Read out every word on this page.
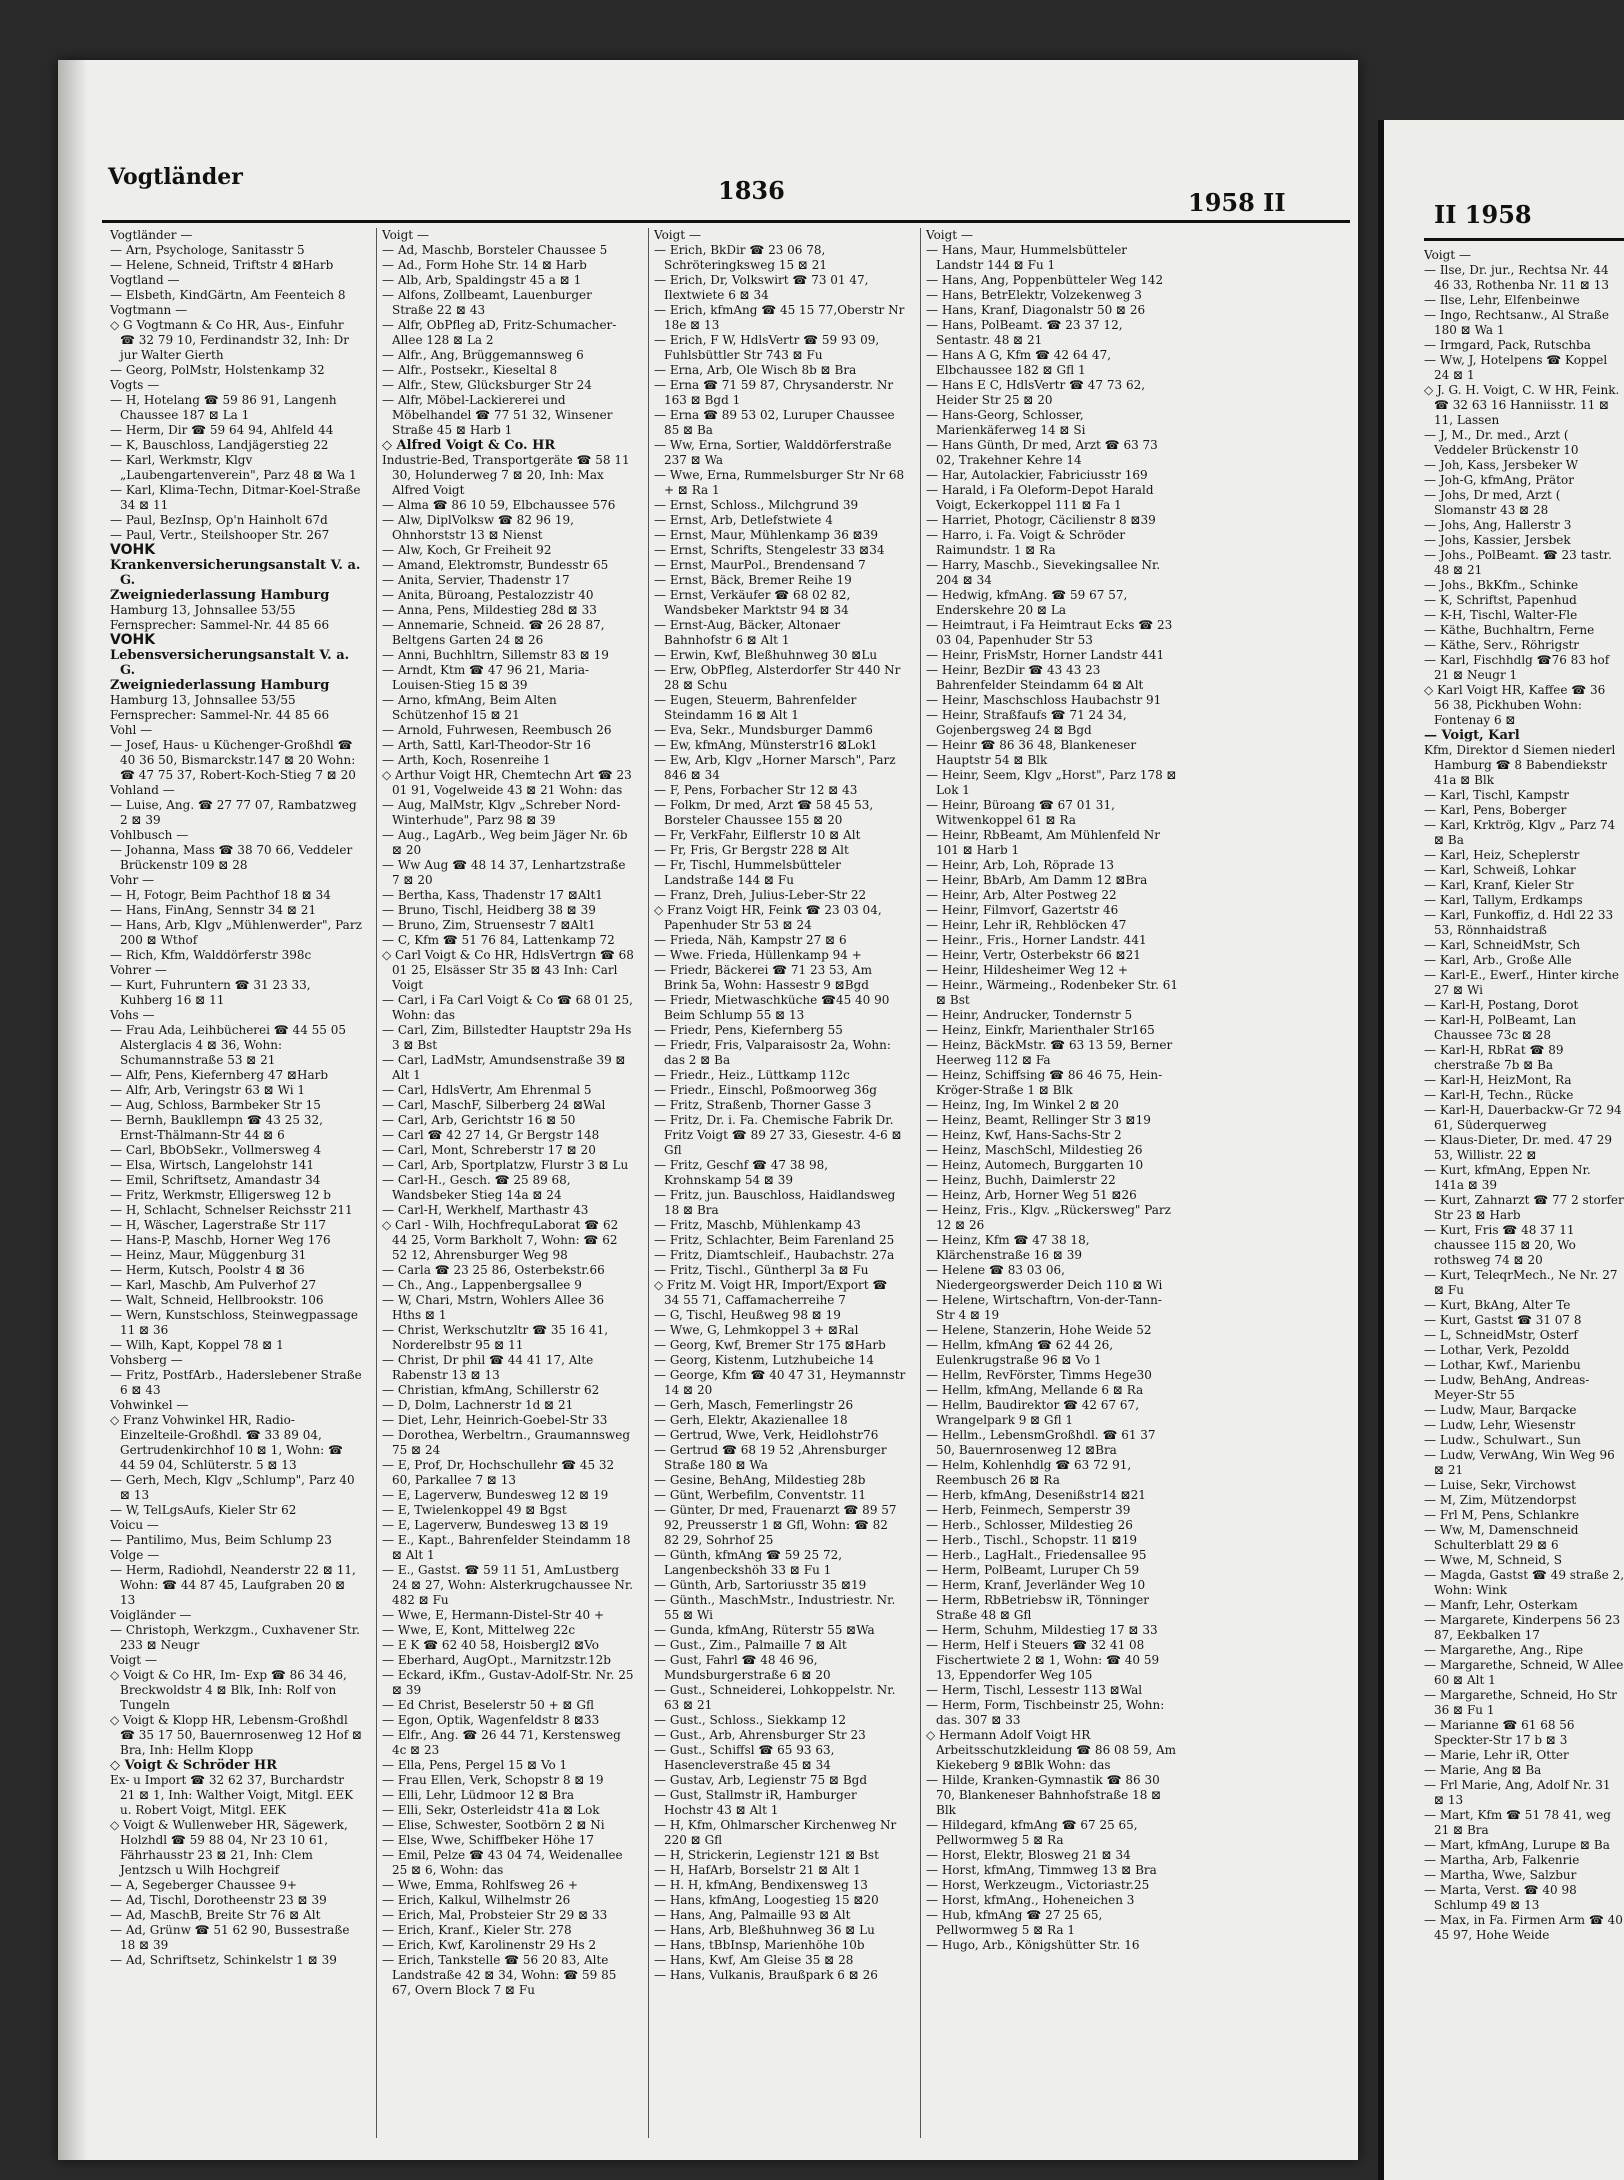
Vogtländer	1836	1958 II

Vogtländer —

— Arn, Psychologe, Sanitasstr 5

— Helene, Schneid, Triftstr 4 ⊠Harb

Vogtland —

— Elsbeth, KindGärtn, Am Feenteich 8

Vogtmann —

◇ G Vogtmann & Co HR, Aus-, Einfuhr ☎ 32 79 10, Ferdinandstr 32, Inh: Dr jur Walter Gierth

— Georg, PolMstr, Holstenkamp 32

Vogts —

— H, Hotelang ☎ 59 86 91, Langenh Chaussee 187 ⊠ La 1

— Herm, Dir ☎ 59 64 94, Ahlfeld 44

— K, Bauschloss, Landjägerstieg 22

— Karl, Werkmstr, Klgv „Laubengartenverein", Parz 48 ⊠ Wa 1

— Karl, Klima-Techn, Ditmar-Koel-Straße 34 ⊠ 11

— Paul, BezInsp, Op'n Hainholt 67d

— Paul, Vertr., Steilshooper Str. 267

VOHK

Krankenversicherungsanstalt V. a. G.

Zweigniederlassung Hamburg

Hamburg 13, Johnsallee 53/55

Fernsprecher: Sammel-Nr. 44 85 66

VOHK

Lebensversicherungsanstalt V. a. G.

Zweigniederlassung Hamburg

Hamburg 13, Johnsallee 53/55

Fernsprecher: Sammel-Nr. 44 85 66

Vohl —

— Josef, Haus- u Küchenger-Großhdl ☎ 40 36 50, Bismarckstr.147 ⊠ 20 Wohn: ☎ 47 75 37, Robert-Koch-Stieg 7 ⊠ 20

Vohland —

— Luise, Ang. ☎ 27 77 07, Rambatzweg 2 ⊠ 39

Vohlbusch —

— Johanna, Mass ☎ 38 70 66, Veddeler Brückenstr 109 ⊠ 28

Vohr —

— H, Fotogr, Beim Pachthof 18 ⊠ 34

— Hans, FinAng, Sennstr 34 ⊠ 21

— Hans, Arb, Klgv „Mühlenwerder", Parz 200 ⊠ Wthof

— Rich, Kfm, Walddörferstr 398c

Vohrer —

— Kurt, Fuhruntern ☎ 31 23 33, Kuhberg 16 ⊠ 11

Vohs —

— Frau Ada, Leihbücherei ☎ 44 55 05 Alsterglacis 4 ⊠ 36, Wohn: Schumannstraße 53 ⊠ 21

— Alfr, Pens, Kiefernberg 47 ⊠Harb

— Alfr, Arb, Veringstr 63 ⊠ Wi 1

— Aug, Schloss, Barmbeker Str 15

— Bernh, Baukllempn ☎ 43 25 32, Ernst-Thälmann-Str 44 ⊠ 6

— Carl, BbObSekr., Vollmersweg 4

— Elsa, Wirtsch, Langelohstr 141

— Emil, Schriftsetz, Amandastr 34

— Fritz, Werkmstr, Elligersweg 12 b

— H, Schlacht, Schnelser Reichsstr 211

— H, Wäscher, Lagerstraße Str 117

— Hans-P, Maschb, Horner Weg 176

— Heinz, Maur, Müggenburg 31

— Herm, Kutsch, Poolstr 4 ⊠ 36

— Karl, Maschb, Am Pulverhof 27

— Walt, Schneid, Hellbrookstr. 106

— Wern, Kunstschloss, Steinwegpassage 11 ⊠ 36

— Wilh, Kapt, Koppel 78 ⊠ 1

Vohsberg —

— Fritz, PostfArb., Haderslebener Straße 6 ⊠ 43

Vohwinkel —

◇ Franz Vohwinkel HR, Radio-Einzelteile-Großhdl. ☎ 33 89 04, Gertrudenkirchhof 10 ⊠ 1, Wohn: ☎ 44 59 04, Schlüterstr. 5 ⊠ 13

— Gerh, Mech, Klgv „Schlump", Parz 40 ⊠ 13

— W, TelLgsAufs, Kieler Str 62

Voicu —

— Pantilimo, Mus, Beim Schlump 23

Volge —

— Herm, Radiohdl, Neanderstr 22 ⊠ 11, Wohn: ☎ 44 87 45, Laufgraben 20 ⊠ 13

Voigländer —

— Christoph, Werkzgm., Cuxhavener Str. 233 ⊠ Neugr

Voigt —

◇ Voigt & Co HR, Im- Exp ☎ 86 34 46, Breckwoldstr 4 ⊠ Blk, Inh: Rolf von Tungeln

◇ Voigt & Klopp HR, Lebensm-Großhdl ☎ 35 17 50, Bauernrosenweg 12 Hof ⊠ Bra, Inh: Hellm Klopp

◇ Voigt & Schröder HR

Ex- u Import ☎ 32 62 37, Burchardstr 21 ⊠ 1, Inh: Walther Voigt, Mitgl. EEK u. Robert Voigt, Mitgl. EEK

◇ Voigt & Wullenweber HR, Sägewerk, Holzhdl ☎ 59 88 04, Nr 23 10 61, Fährhausstr 23 ⊠ 21, Inh: Clem Jentzsch u Wilh Hochgreif

— A, Segeberger Chaussee 9+

— Ad, Tischl, Dorotheenstr 23 ⊠ 39

— Ad, MaschB, Breite Str 76 ⊠ Alt

— Ad, Grünw ☎ 51 62 90, Bussestraße 18 ⊠ 39

— Ad, Schriftsetz, Schinkelstr 1 ⊠ 39

Voigt —

— Ad, Maschb, Borsteler Chaussee 5

— Ad., Form Hohe Str. 14 ⊠ Harb

— Alb, Arb, Spaldingstr 45 a ⊠ 1

— Alfons, Zollbeamt, Lauenburger Straße 22 ⊠ 43

— Alfr, ObPfleg aD, Fritz-Schumacher-Allee 128 ⊠ La 2

— Alfr., Ang, Brüggemannsweg 6

— Alfr., Postsekr., Kieseltal 8

— Alfr., Stew, Glücksburger Str 24

— Alfr, Möbel-Lackiererei und Möbelhandel ☎ 77 51 32, Winsener Straße 45 ⊠ Harb 1

◇ Alfred Voigt & Co. HR

Industrie-Bed, Transportgeräte ☎ 58 11 30, Holunderweg 7 ⊠ 20, Inh: Max Alfred Voigt

— Alma ☎ 86 10 59, Elbchaussee 576

— Alw, DiplVolksw ☎ 82 96 19, Ohnhorststr 13 ⊠ Nienst

— Alw, Koch, Gr Freiheit 92

— Amand, Elektromstr, Bundesstr 65

— Anita, Servier, Thadenstr 17

— Anita, Büroang, Pestalozzistr 40

— Anna, Pens, Mildestieg 28d ⊠ 33

— Annemarie, Schneid. ☎ 26 28 87, Beltgens Garten 24 ⊠ 26

— Anni, Buchhltrn, Sillemstr 83 ⊠ 19

— Arndt, Ktm ☎ 47 96 21, Maria-Louisen-Stieg 15 ⊠ 39

— Arno, kfmAng, Beim Alten Schützenhof 15 ⊠ 21

— Arnold, Fuhrwesen, Reembusch 26

— Arth, Sattl, Karl-Theodor-Str 16

— Arth, Koch, Rosenreihe 1

◇ Arthur Voigt HR, Chemtechn Art ☎ 23 01 91, Vogelweide 43 ⊠ 21 Wohn: das

— Aug, MalMstr, Klgv „Schreber Nord-Winterhude", Parz 98 ⊠ 39

— Aug., LagArb., Weg beim Jäger Nr. 6b ⊠ 20

— Ww Aug ☎ 48 14 37, Lenhartzstraße 7 ⊠ 20

— Bertha, Kass, Thadenstr 17 ⊠Alt1

— Bruno, Tischl, Heidberg 38 ⊠ 39

— Bruno, Zim, Struensestr 7 ⊠Alt1

— C, Kfm ☎ 51 76 84, Lattenkamp 72

◇ Carl Voigt & Co HR, HdlsVertrgn ☎ 68 01 25, Elsässer Str 35 ⊠ 43 Inh: Carl Voigt

— Carl, i Fa Carl Voigt & Co ☎ 68 01 25, Wohn: das

— Carl, Zim, Billstedter Hauptstr 29a Hs 3 ⊠ Bst

— Carl, LadMstr, Amundsenstraße 39 ⊠ Alt 1

— Carl, HdlsVertr, Am Ehrenmal 5

— Carl, MaschF, Silberberg 24 ⊠Wal

— Carl, Arb, Gerichtstr 16 ⊠ 50

— Carl ☎ 42 27 14, Gr Bergstr 148

— Carl, Mont, Schreberstr 17 ⊠ 20

— Carl, Arb, Sportplatzw, Flurstr 3 ⊠ Lu

— Carl-H., Gesch. ☎ 25 89 68, Wandsbeker Stieg 14a ⊠ 24

— Carl-H, Werkhelf, Marthastr 43

◇ Carl - Wilh, HochfrequLaborat ☎ 62 44 25, Vorm Barkholt 7, Wohn: ☎ 62 52 12, Ahrensburger Weg 98

— Carla ☎ 23 25 86, Osterbekstr.66

— Ch., Ang., Lappenbergsallee 9

— W, Chari, Mstrn, Wohlers Allee 36 Hths ⊠ 1

— Christ, Werkschutzltr ☎ 35 16 41, Norderelbstr 95 ⊠ 11

— Christ, Dr phil ☎ 44 41 17, Alte Rabenstr 13 ⊠ 13

— Christian, kfmAng, Schillerstr 62

— D, Dolm, Lachnerstr 1d ⊠ 21

— Diet, Lehr, Heinrich-Goebel-Str 33

— Dorothea, Werbeltrn., Graumannsweg 75 ⊠ 24

— E, Prof, Dr, Hochschullehr ☎ 45 32 60, Parkallee 7 ⊠ 13

— E, Lagerverw, Bundesweg 12 ⊠ 19

— E, Twielenkoppel 49 ⊠ Bgst

— E, Lagerverw, Bundesweg 13 ⊠ 19

— E., Kapt., Bahrenfelder Steindamm 18 ⊠ Alt 1

— E., Gastst. ☎ 59 11 51, AmLustberg 24 ⊠ 27, Wohn: Alsterkrugchaussee Nr. 482 ⊠ Fu

— Wwe, E, Hermann-Distel-Str 40 +

— Wwe, E, Kont, Mittelweg 22c

— E K ☎ 62 40 58, Hoisbergl2 ⊠Vo

— Eberhard, AugOpt., Marnitzstr.12b

— Eckard, iKfm., Gustav-Adolf-Str. Nr. 25 ⊠ 39

— Ed Christ, Beselerstr 50 + ⊠ Gfl

— Egon, Optik, Wagenfeldstr 8 ⊠33

— Elfr., Ang. ☎ 26 44 71, Kerstensweg 4c ⊠ 23

— Ella, Pens, Pergel 15 ⊠ Vo 1

— Frau Ellen, Verk, Schopstr 8 ⊠ 19

— Elli, Lehr, Lüdmoor 12 ⊠ Bra

— Elli, Sekr, Osterleidstr 41a ⊠ Lok

— Elise, Schwester, Sootbörn 2 ⊠ Ni

— Else, Wwe, Schiffbeker Höhe 17

— Emil, Pelze ☎ 43 04 74, Weidenallee 25 ⊠ 6, Wohn: das

— Wwe, Emma, Rohlfsweg 26 +

— Erich, Kalkul, Wilhelmstr 26

— Erich, Mal, Probsteier Str 29 ⊠ 33

— Erich, Kranf., Kieler Str. 278

— Erich, Kwf, Karolinenstr 29 Hs 2

— Erich, Tankstelle ☎ 56 20 83, Alte Landstraße 42 ⊠ 34, Wohn: ☎ 59 85 67, Overn Block 7 ⊠ Fu

Voigt —

— Erich, BkDir ☎ 23 06 78, Schröteringksweg 15 ⊠ 21

— Erich, Dr, Volkswirt ☎ 73 01 47, Ilextwiete 6 ⊠ 34

— Erich, kfmAng ☎ 45 15 77,Oberstr Nr 18e ⊠ 13

— Erich, F W, HdlsVertr ☎ 59 93 09, Fuhlsbüttler Str 743 ⊠ Fu

— Erna, Arb, Ole Wisch 8b ⊠ Bra

— Erna ☎ 71 59 87, Chrysanderstr. Nr 163 ⊠ Bgd 1

— Erna ☎ 89 53 02, Luruper Chaussee 85 ⊠ Ba

— Ww, Erna, Sortier, Walddörferstraße 237 ⊠ Wa

— Wwe, Erna, Rummelsburger Str Nr 68 + ⊠ Ra 1

— Ernst, Schloss., Milchgrund 39

— Ernst, Arb, Detlefstwiete 4

— Ernst, Maur, Mühlenkamp 36 ⊠39

— Ernst, Schrifts, Stengelestr 33 ⊠34

— Ernst, MaurPol., Brendensand 7

— Ernst, Bäck, Bremer Reihe 19

— Ernst, Verkäufer ☎ 68 02 82, Wandsbeker Marktstr 94 ⊠ 34

— Ernst-Aug, Bäcker, Altonaer Bahnhofstr 6 ⊠ Alt 1

— Erwin, Kwf, Bleßhuhnweg 30 ⊠Lu

— Erw, ObPfleg, Alsterdorfer Str 440 Nr 28 ⊠ Schu

— Eugen, Steuerm, Bahrenfelder Steindamm 16 ⊠ Alt 1

— Eva, Sekr., Mundsburger Damm6

— Ew, kfmAng, Münsterstr16 ⊠Lok1

— Ew, Arb, Klgv „Horner Marsch", Parz 846 ⊠ 34

— F, Pens, Forbacher Str 12 ⊠ 43

— Folkm, Dr med, Arzt ☎ 58 45 53, Borsteler Chaussee 155 ⊠ 20

— Fr, VerkFahr, Eilflerstr 10 ⊠ Alt

— Fr, Fris, Gr Bergstr 228 ⊠ Alt

— Fr, Tischl, Hummelsbütteler Landstraße 144 ⊠ Fu

— Franz, Dreh, Julius-Leber-Str 22

◇ Franz Voigt HR, Feink ☎ 23 03 04, Papenhuder Str 53 ⊠ 24

— Frieda, Näh, Kampstr 27 ⊠ 6

— Wwe. Frieda, Hüllenkamp 94 +

— Friedr, Bäckerei ☎ 71 23 53, Am Brink 5a, Wohn: Hassestr 9 ⊠Bgd

— Friedr, Mietwaschküche ☎45 40 90 Beim Schlump 55 ⊠ 13

— Friedr, Pens, Kiefernberg 55

— Friedr, Fris, Valparaisostr 2a, Wohn: das 2 ⊠ Ba

— Friedr., Heiz., Lüttkamp 112c

— Friedr., Einschl, Poßmoorweg 36g

— Fritz, Straßenb, Thorner Gasse 3

— Fritz, Dr. i. Fa. Chemische Fabrik Dr. Fritz Voigt ☎ 89 27 33, Giesestr. 4-6 ⊠ Gfl

— Fritz, Geschf ☎ 47 38 98, Krohnskamp 54 ⊠ 39

— Fritz, jun. Bauschloss, Haidlandsweg 18 ⊠ Bra

— Fritz, Maschb, Mühlenkamp 43

— Fritz, Schlachter, Beim Farenland 25

— Fritz, Diamtschleif., Haubachstr. 27a

— Fritz, Tischl., Güntherpl 3a ⊠ Fu

◇ Fritz M. Voigt HR, Import/Export ☎ 34 55 71, Caffamacherreihe 7

— G, Tischl, Heußweg 98 ⊠ 19

— Wwe, G, Lehmkoppel 3 + ⊠Ral

— Georg, Kwf, Bremer Str 175 ⊠Harb

— Georg, Kistenm, Lutzhubeiche 14

— George, Kfm ☎ 40 47 31, Heymannstr 14 ⊠ 20

— Gerh, Masch, Femerlingstr 26

— Gerh, Elektr, Akazienallee 18

— Gertrud, Wwe, Verk, Heidlohstr76

— Gertrud ☎ 68 19 52 ,Ahrensburger Straße 180 ⊠ Wa

— Gesine, BehAng, Mildestieg 28b

— Günt, Werbefilm, Conventstr. 11

— Günter, Dr med, Frauenarzt ☎ 89 57 92, Preusserstr 1 ⊠ Gfl, Wohn: ☎ 82 82 29, Sohrhof 25

— Günth, kfmAng ☎ 59 25 72, Langenbeckshöh 33 ⊠ Fu 1

— Günth, Arb, Sartoriusstr 35 ⊠19

— Günth., MaschMstr., Industriestr. Nr. 55 ⊠ Wi

— Gunda, kfmAng, Rüterstr 55 ⊠Wa

— Gust., Zim., Palmaille 7 ⊠ Alt

— Gust, Fahrl ☎ 48 46 96, Mundsburgerstraße 6 ⊠ 20

— Gust., Schneiderei, Lohkoppelstr. Nr. 63 ⊠ 21

— Gust., Schloss., Siekkamp 12

— Gust., Arb, Ahrensburger Str 23

— Gust., Schiffsl ☎ 65 93 63, Hasencleverstraße 45 ⊠ 34

— Gustav, Arb, Legienstr 75 ⊠ Bgd

— Gust, Stallmstr iR, Hamburger Hochstr 43 ⊠ Alt 1

— H, Kfm, Ohlmarscher Kirchenweg Nr 220 ⊠ Gfl

— H, Strickerin, Legienstr 121 ⊠ Bst

— H, HafArb, Borselstr 21 ⊠ Alt 1

— H. H, kfmAng, Bendixensweg 13

— Hans, kfmAng, Loogestieg 15 ⊠20

— Hans, Ang, Palmaille 93 ⊠ Alt

— Hans, Arb, Bleßhuhnweg 36 ⊠ Lu

— Hans, tBbInsp, Marienhöhe 10b

— Hans, Kwf, Am Gleise 35 ⊠ 28

— Hans, Vulkanis, Braußpark 6 ⊠ 26

Voigt —

— Hans, Maur, Hummelsbütteler Landstr 144 ⊠ Fu 1

— Hans, Ang, Poppenbütteler Weg 142

— Hans, BetrElektr, Volzekenweg 3

— Hans, Kranf, Diagonalstr 50 ⊠ 26

— Hans, PolBeamt. ☎ 23 37 12, Sentastr. 48 ⊠ 21

— Hans A G, Kfm ☎ 42 64 47, Elbchaussee 182 ⊠ Gfl 1

— Hans E C, HdlsVertr ☎ 47 73 62, Heider Str 25 ⊠ 20

— Hans-Georg, Schlosser, Marienkäferweg 14 ⊠ Si

— Hans Günth, Dr med, Arzt ☎ 63 73 02, Trakehner Kehre 14

— Har, Autolackier, Fabriciusstr 169

— Harald, i Fa Oleform-Depot Harald Voigt, Eckerkoppel 111 ⊠ Fa 1

— Harriet, Photogr, Cäcilienstr 8 ⊠39

— Harro, i. Fa. Voigt & Schröder Raimundstr. 1 ⊠ Ra

— Harry, Maschb., Sievekingsallee Nr. 204 ⊠ 34

— Hedwig, kfmAng. ☎ 59 67 57, Enderskehre 20 ⊠ La

— Heimtraut, i Fa Heimtraut Ecks ☎ 23 03 04, Papenhuder Str 53

— Heinr, FrisMstr, Horner Landstr 441

— Heinr, BezDir ☎ 43 43 23 Bahrenfelder Steindamm 64 ⊠ Alt

— Heinr, Maschschloss Haubachstr 91

— Heinr, Straßfaufs ☎ 71 24 34, Gojenbergsweg 24 ⊠ Bgd

— Heinr ☎ 86 36 48, Blankeneser Hauptstr 54 ⊠ Blk

— Heinr, Seem, Klgv „Horst", Parz 178 ⊠ Lok 1

— Heinr, Büroang ☎ 67 01 31, Witwenkoppel 61 ⊠ Ra

— Heinr, RbBeamt, Am Mühlenfeld Nr 101 ⊠ Harb 1

— Heinr, Arb, Loh, Röprade 13

— Heinr, BbArb, Am Damm 12 ⊠Bra

— Heinr, Arb, Alter Postweg 22

— Heinr, Filmvorf, Gazertstr 46

— Heinr, Lehr iR, Rehblöcken 47

— Heinr., Fris., Horner Landstr. 441

— Heinr, Vertr, Osterbekstr 66 ⊠21

— Heinr, Hildesheimer Weg 12 +

— Heinr., Wärmeing., Rodenbeker Str. 61 ⊠ Bst

— Heinr, Andrucker, Tondernstr 5

— Heinz, Einkfr, Marienthaler Str165

— Heinz, BäckMstr. ☎ 63 13 59, Berner Heerweg 112 ⊠ Fa

— Heinz, Schiffsing ☎ 86 46 75, Hein-Kröger-Straße 1 ⊠ Blk

— Heinz, Ing, Im Winkel 2 ⊠ 20

— Heinz, Beamt, Rellinger Str 3 ⊠19

— Heinz, Kwf, Hans-Sachs-Str 2

— Heinz, MaschSchl, Mildestieg 26

— Heinz, Automech, Burggarten 10

— Heinz, Buchh, Daimlerstr 22

— Heinz, Arb, Horner Weg 51 ⊠26

— Heinz, Fris., Klgv. „Rückersweg" Parz 12 ⊠ 26

— Heinz, Kfm ☎ 47 38 18, Klärchenstraße 16 ⊠ 39

— Helene ☎ 83 03 06, Niedergeorgswerder Deich 110 ⊠ Wi

— Helene, Wirtschaftrn, Von-der-Tann-Str 4 ⊠ 19

— Helene, Stanzerin, Hohe Weide 52

— Hellm, kfmAng ☎ 62 44 26, Eulenkrugstraße 96 ⊠ Vo 1

— Hellm, RevFörster, Timms Hege30

— Hellm, kfmAng, Mellande 6 ⊠ Ra

— Hellm, Baudirektor ☎ 42 67 67, Wrangelpark 9 ⊠ Gfl 1

— Hellm., LebensmGroßhdl. ☎ 61 37 50, Bauernrosenweg 12 ⊠Bra

— Helm, Kohlenhdlg ☎ 63 72 91, Reembusch 26 ⊠ Ra

— Herb, kfmAng, Desenißstr14 ⊠21

— Herb, Feinmech, Semperstr 39

— Herb., Schlosser, Mildestieg 26

— Herb., Tischl., Schopstr. 11 ⊠19

— Herb., LagHalt., Friedensallee 95

— Herm, PolBeamt, Luruper Ch 59

— Herm, Kranf, Jeverländer Weg 10

— Herm, RbBetriebsw iR, Tönninger Straße 48 ⊠ Gfl

— Herm, Schuhm, Mildestieg 17 ⊠ 33

— Herm, Helf i Steuers ☎ 32 41 08 Fischertwiete 2 ⊠ 1, Wohn: ☎ 40 59 13, Eppendorfer Weg 105

— Herm, Tischl, Lessestr 113 ⊠Wal

— Herm, Form, Tischbeinstr 25, Wohn: das. 307 ⊠ 33

◇ Hermann Adolf Voigt HR Arbeitsschutzkleidung ☎ 86 08 59, Am Kiekeberg 9 ⊠Blk Wohn: das

— Hilde, Kranken-Gymnastik ☎ 86 30 70, Blankeneser Bahnhofstraße 18 ⊠ Blk

— Hildegard, kfmAng ☎ 67 25 65, Pellwormweg 5 ⊠ Ra

— Horst, Elektr, Blosweg 21 ⊠ 34

— Horst, kfmAng, Timmweg 13 ⊠ Bra

— Horst, Werkzeugm., Victoriastr.25

— Horst, kfmAng., Hoheneichen 3

— Hub, kfmAng ☎ 27 25 65, Pellwormweg 5 ⊠ Ra 1

— Hugo, Arb., Königshütter Str. 16

II 1958

Voigt —

— Ilse, Dr. jur., Rechtsa Nr. 44 46 33, Rothenba Nr. 11 ⊠ 13

— Ilse, Lehr, Elfenbeinwe

— Ingo, Rechtsanw., Al Straße 180 ⊠ Wa 1

— Irmgard, Pack, Rutschba

— Ww, J, Hotelpens ☎ Koppel 24 ⊠ 1

◇ J. G. H. Voigt, C. W HR, Feink. ☎ 32 63 16 Hanniisstr. 11 ⊠ 11, Lassen

— J, M., Dr. med., Arzt ( Veddeler Brückenstr 10

— Joh, Kass, Jersbeker W

— Joh-G, kfmAng, Prätor

— Johs, Dr med, Arzt ( Slomanstr 43 ⊠ 28

— Johs, Ang, Hallerstr 3

— Johs, Kassier, Jersbek

— Johs., PolBeamt. ☎ 23 tastr. 48 ⊠ 21

— Johs., BkKfm., Schinke

— K, Schriftst, Papenhud

— K-H, Tischl, Walter-Fle

— Käthe, Buchhaltrn, Ferne

— Käthe, Serv., Röhrigstr

— Karl, Fischhdlg ☎76 83 hof 21 ⊠ Neugr 1

◇ Karl Voigt HR, Kaffee ☎ 36 56 38, Pickhuben Wohn: Fontenay 6 ⊠

— Voigt, Karl

Kfm, Direktor d Siemen niederl Hamburg ☎ 8 Babendiekstr 41a ⊠ Blk

— Karl, Tischl, Kampstr

— Karl, Pens, Boberger

— Karl, Krktrög, Klgv „ Parz 74 ⊠ Ba

— Karl, Heiz, Scheplerstr

— Karl, Schweiß, Lohkar

— Karl, Kranf, Kieler Str

— Karl, Tallym, Erdkamps

— Karl, Funkoffiz, d. Hdl 22 33 53, Rönnhaidstraß

— Karl, SchneidMstr, Sch

— Karl, Arb., Große Alle

— Karl-E., Ewerf., Hinter kirche 27 ⊠ Wi

— Karl-H, Postang, Dorot

— Karl-H, PolBeamt, Lan Chaussee 73c ⊠ 28

— Karl-H, RbRat ☎ 89 cherstraße 7b ⊠ Ba

— Karl-H, HeizMont, Ra

— Karl-H, Techn., Rücke

— Karl-H, Dauerbackw-Gr 72 94 61, Süderquerweg

— Klaus-Dieter, Dr. med. 47 29 53, Willistr. 22 ⊠

— Kurt, kfmAng, Eppen Nr. 141a ⊠ 39

— Kurt, Zahnarzt ☎ 77 2 storfer Str 23 ⊠ Harb

— Kurt, Fris ☎ 48 37 11 chaussee 115 ⊠ 20, Wo rothsweg 74 ⊠ 20

— Kurt, TeleqrMech., Ne Nr. 27 ⊠ Fu

— Kurt, BkAng, Alter Te

— Kurt, Gastst ☎ 31 07 8

— L, SchneidMstr, Osterf

— Lothar, Verk, Pezoldd

— Lothar, Kwf., Marienbu

— Ludw, BehAng, Andreas-Meyer-Str 55

— Ludw, Maur, Barqacke

— Ludw, Lehr, Wiesenstr

— Ludw., Schulwart., Sun

— Ludw, VerwAng, Win Weg 96 ⊠ 21

— Luise, Sekr, Virchowst

— M, Zim, Mützendorpst

— Frl M, Pens, Schlankre

— Ww, M, Damenschneid Schulterblatt 29 ⊠ 6

— Wwe, M, Schneid, S

— Magda, Gastst ☎ 49 straße 2, Wohn: Wink

— Manfr, Lehr, Osterkam

— Margarete, Kinderpens 56 23 87, Eekbalken 17

— Margarethe, Ang., Ripe

— Margarethe, Schneid, W Allee 60 ⊠ Alt 1

— Margarethe, Schneid, Ho Str 36 ⊠ Fu 1

— Marianne ☎ 61 68 56 Speckter-Str 17 b ⊠ 3

— Marie, Lehr iR, Otter

— Marie, Ang ⊠ Ba

— Frl Marie, Ang, Adolf Nr. 31 ⊠ 13

— Mart, Kfm ☎ 51 78 41, weg 21 ⊠ Bra

— Mart, kfmAng, Lurupe ⊠ Ba

— Martha, Arb, Falkenrie

— Martha, Wwe, Salzbur

— Marta, Verst. ☎ 40 98 Schlump 49 ⊠ 13

— Max, in Fa. Firmen Arm ☎ 40 45 97, Hohe Weide
